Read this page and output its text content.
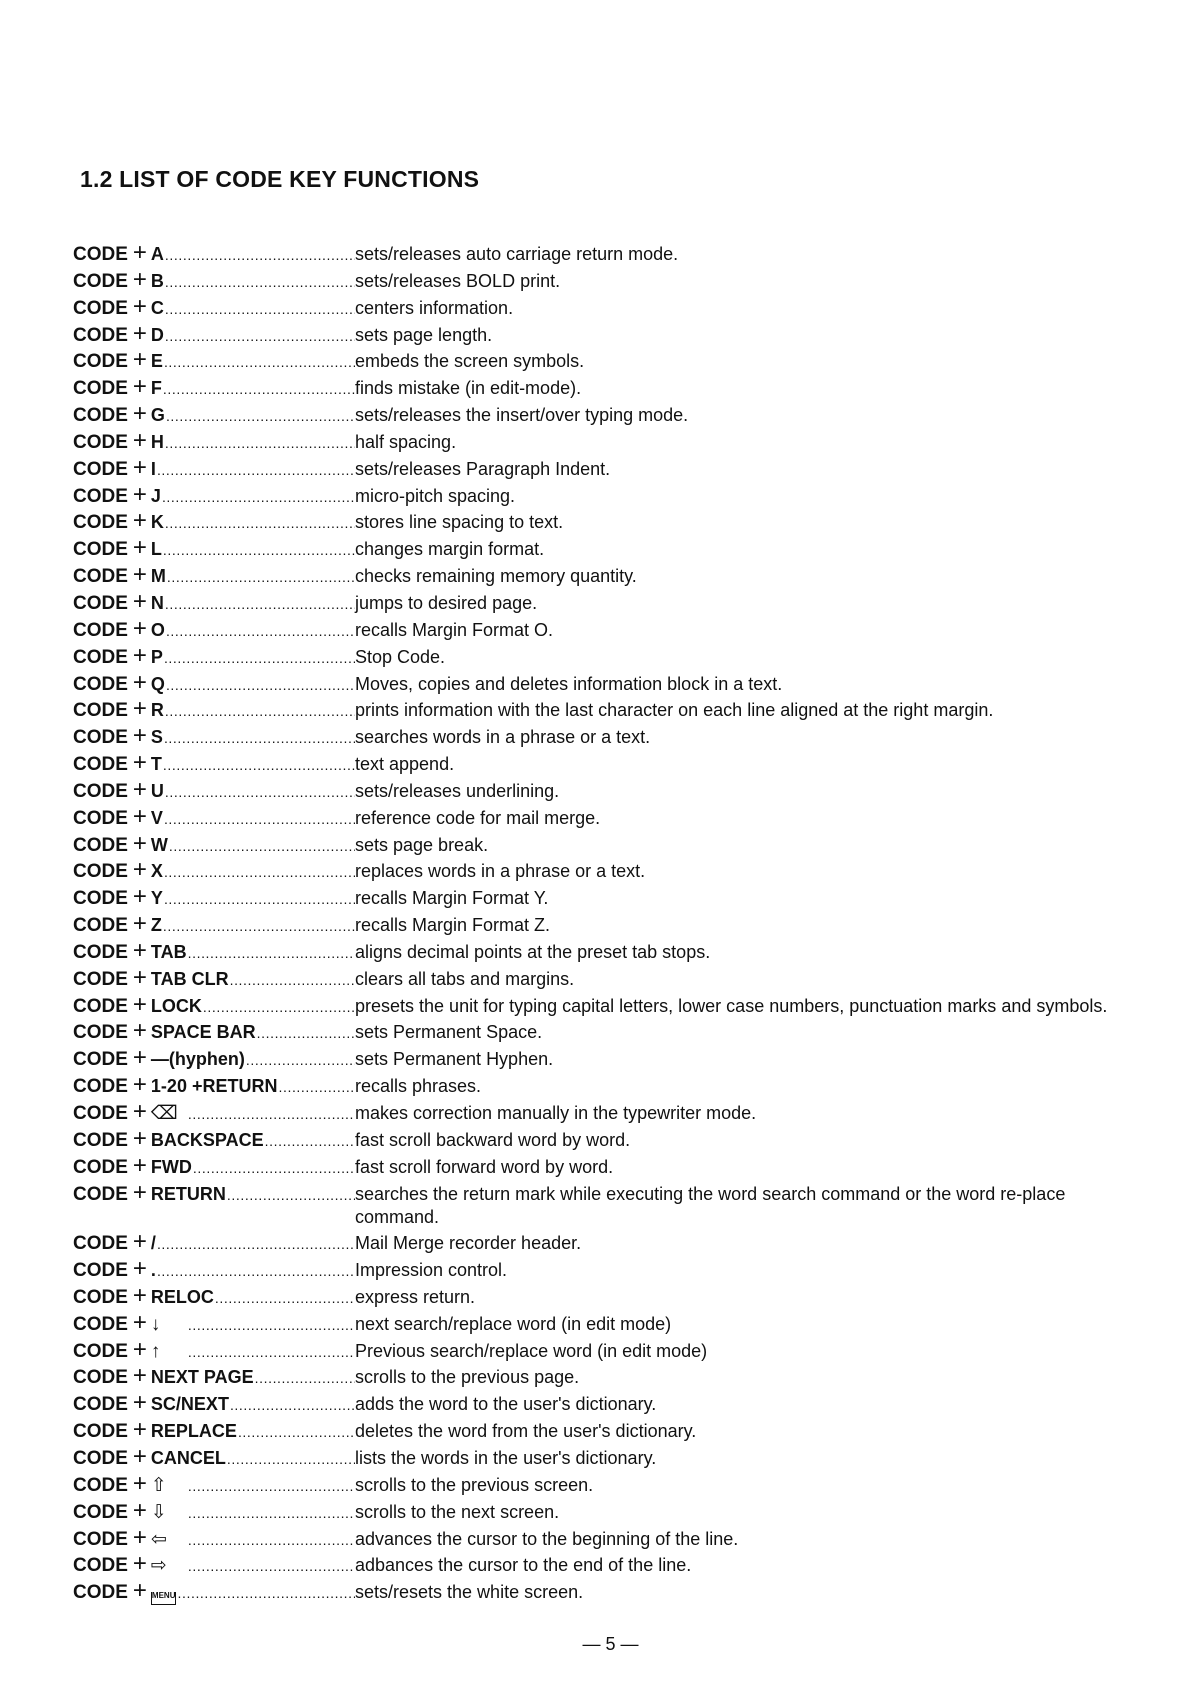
1.2 LIST OF CODE KEY FUNCTIONS
CODE + A .....	sets/releases auto carriage return mode.
CODE + B .....	sets/releases BOLD print.
CODE + C .....	centers information.
CODE + D .....	sets page length.
CODE + E .....	embeds the screen symbols.
CODE + F .....	finds mistake (in edit-mode).
CODE + G .....	sets/releases the insert/over typing mode.
CODE + H .....	half spacing.
CODE + I .....	sets/releases Paragraph Indent.
CODE + J .....	micro-pitch spacing.
CODE + K .....	stores line spacing to text.
CODE + L .....	changes margin format.
CODE + M .....	checks remaining memory quantity.
CODE + N .....	jumps to desired page.
CODE + O .....	recalls Margin Format O.
CODE + P .....	Stop Code.
CODE + Q .....	Moves, copies and deletes information block in a text.
CODE + R .....	prints information with the last character on each line aligned at the right margin.
CODE + S .....	searches words in a phrase or a text.
CODE + T .....	text append.
CODE + U .....	sets/releases underlining.
CODE + V .....	reference code for mail merge.
CODE + W .....	sets page break.
CODE + X .....	replaces words in a phrase or a text.
CODE + Y .....	recalls Margin Format Y.
CODE + Z .....	recalls Margin Format Z.
CODE + TAB .....	aligns decimal points at the preset tab stops.
CODE + TAB CLR .....	clears all tabs and margins.
CODE + LOCK .....	presets the unit for typing capital letters, lower case numbers, punctuation marks and symbols.
CODE + SPACE BAR .....	sets Permanent Space.
CODE + —(hyphen) .....	sets Permanent Hyphen.
CODE + 1-20 +RETURN .....	recalls phrases.
CODE + ⌫ .....	makes correction manually in the typewriter mode.
CODE + BACKSPACE .....	fast scroll backward word by word.
CODE + FWD .....	fast scroll forward word by word.
CODE + RETURN .....	searches the return mark while executing the word search command or the word re-place command.
CODE + / .....	Mail Merge recorder header.
CODE + . .....	Impression control.
CODE + RELOC .....	express return.
CODE + ↓ .....	next search/replace word (in edit mode)
CODE + ↑ .....	Previous search/replace word (in edit mode)
CODE + NEXT PAGE .....	scrolls to the previous page.
CODE + SC/NEXT .....	adds the word to the user's dictionary.
CODE + REPLACE .....	deletes the word from the user's dictionary.
CODE + CANCEL .....	lists the words in the user's dictionary.
CODE + ⇧ .....	scrolls to the previous screen.
CODE + ⇩ .....	scrolls to the next screen.
CODE + ⇦ .....	advances the cursor to the beginning of the line.
CODE + ⇨ .....	adbances the cursor to the end of the line.
CODE + MENU .....	sets/resets the white screen.
— 5 —
